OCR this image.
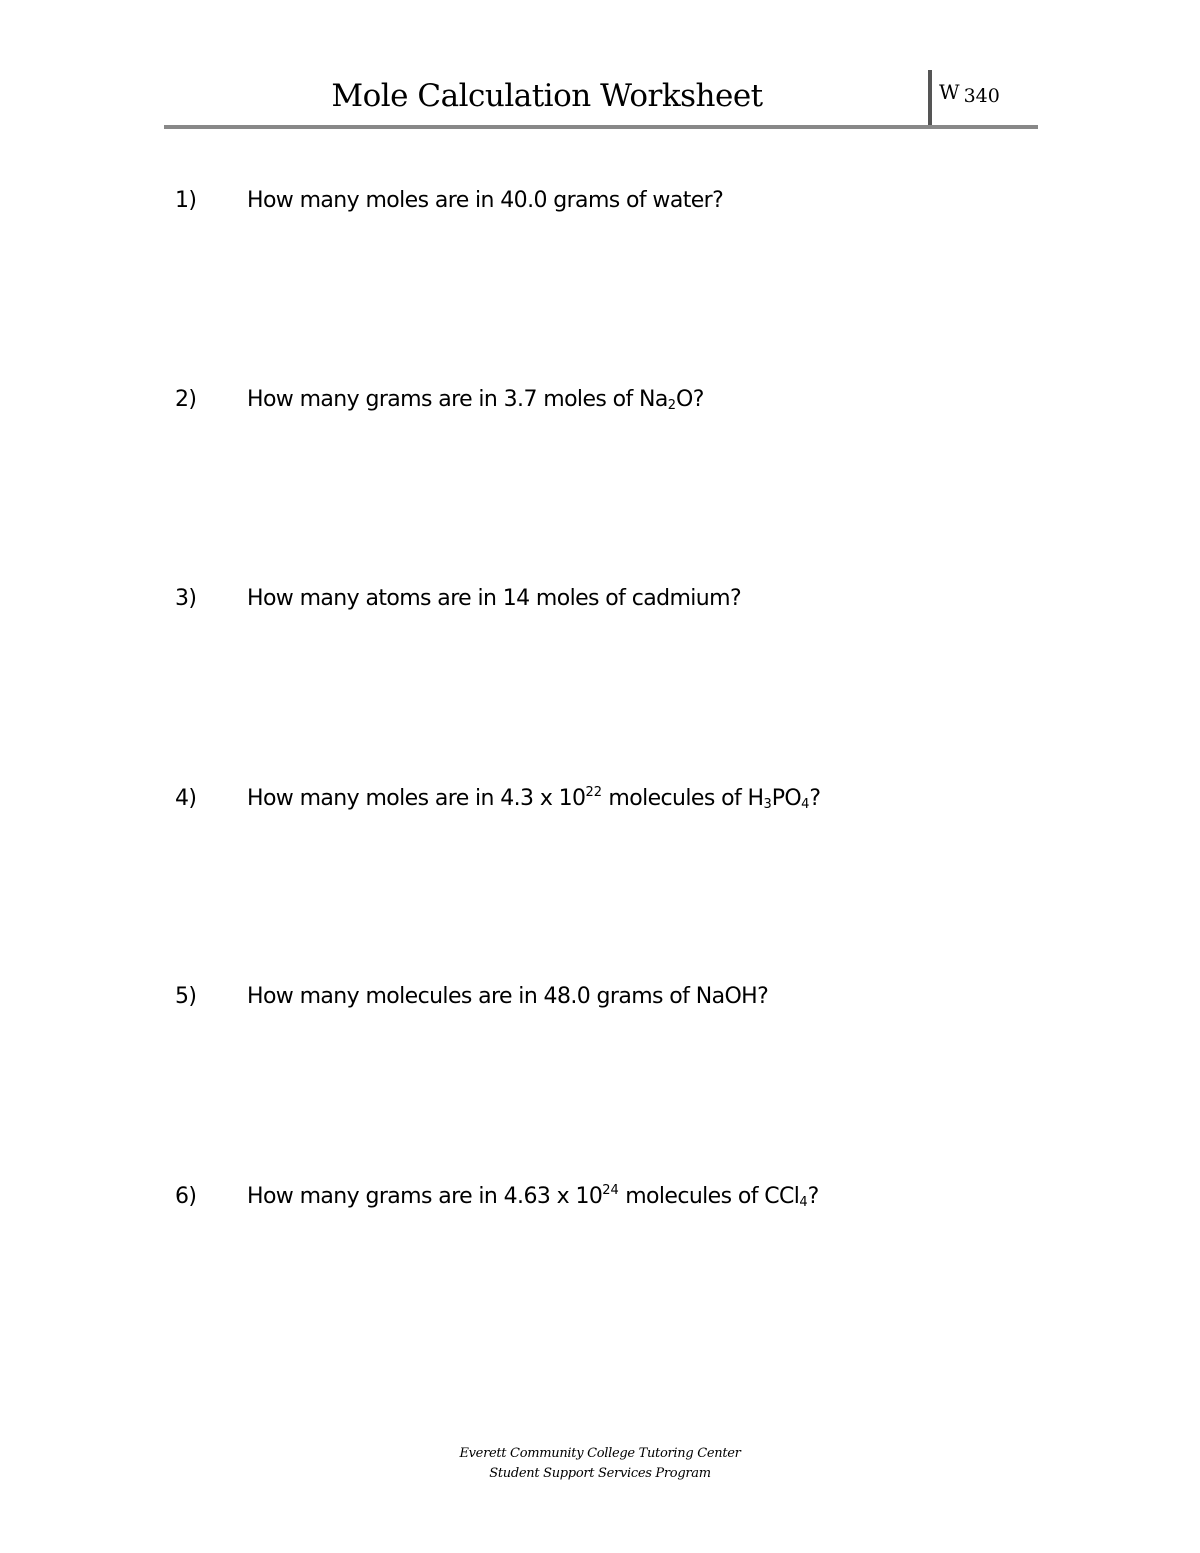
Mole Calculation Worksheet	W 340
1) How many moles are in 40.0 grams of water?
2) How many grams are in 3.7 moles of $Na_2O$?
3) How many atoms are in 14 moles of cadmium?
4) How many moles are in 4.3 x $10^{22}$ molecules of $H_3PO_4$?
5) How many molecules are in 48.0 grams of NaOH?
6) How many grams are in 4.63 x $10^{24}$ molecules of CCl$_4$?
Everett Community College Tutoring Center
Student Support Services Program
